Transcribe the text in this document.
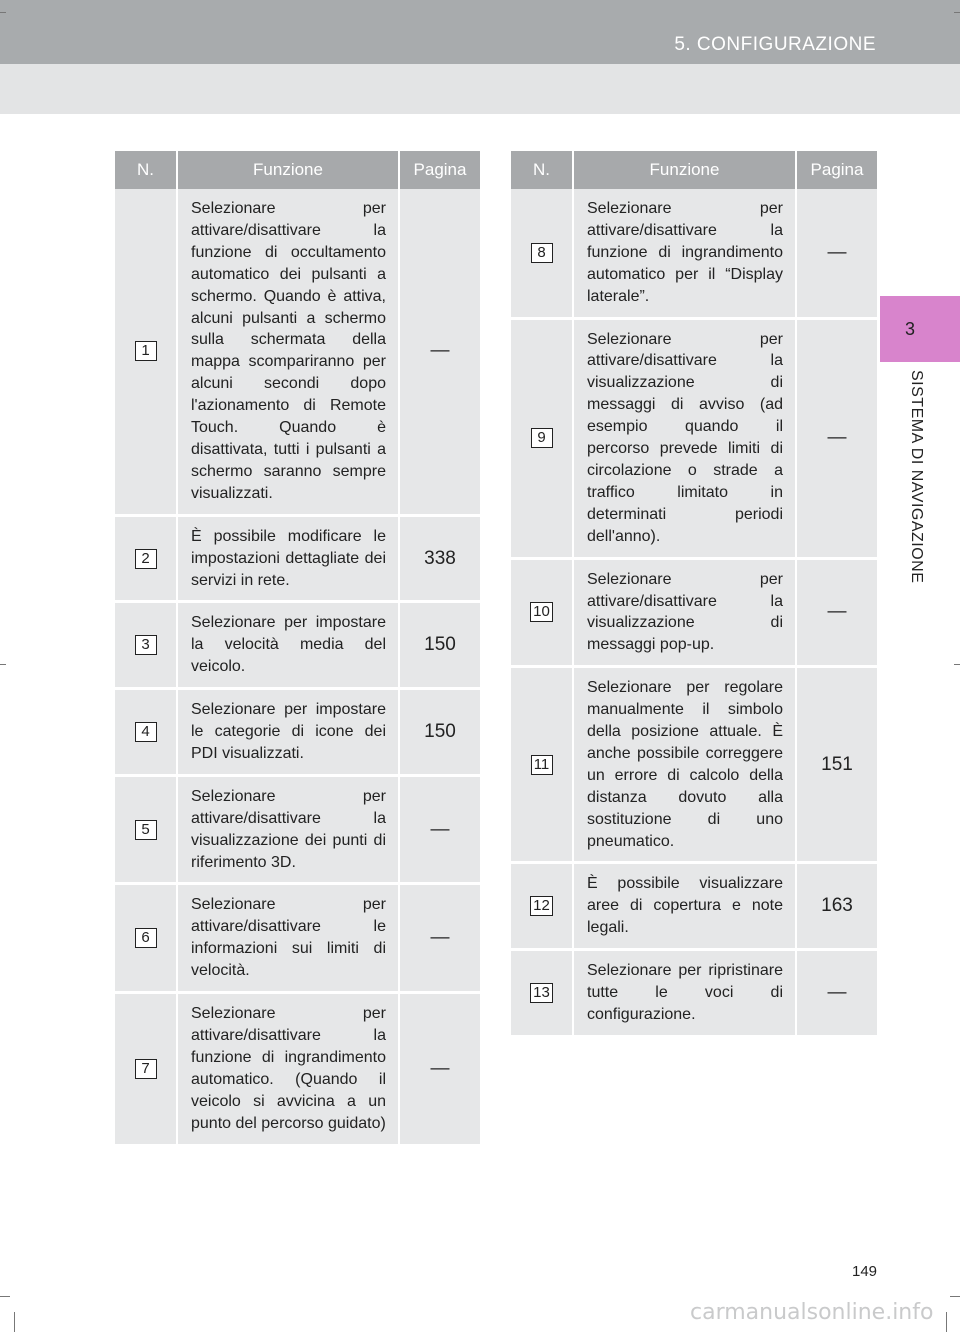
5. CONFIGURAZIONE
3
SISTEMA DI NAVIGAZIONE
N.	Funzione	Pagina
1	Selezionare per attivare/disattivare la funzione di occultamento automatico dei pulsanti a schermo. Quando è attiva, alcuni pulsanti a schermo sulla schermata della mappa scompariranno per alcuni secondi dopo l'azionamento di Remote Touch. Quando è disattivata, tutti i pulsanti a schermo saranno sempre visualizzati.	—
2	È possibile modificare le impostazioni dettagliate dei servizi in rete.	338
3	Selezionare per impostare la velocità media del veicolo.	150
4	Selezionare per impostare le categorie di icone dei PDI visualizzati.	150
5	Selezionare per attivare/disattivare la visualizzazione dei punti di riferimento 3D.	—
6	Selezionare per attivare/disattivare le informazioni sui limiti di velocità.	—
7	Selezionare per attivare/disattivare la funzione di ingrandimento automatico. (Quando il veicolo si avvicina a un punto del percorso guidato)	—
N.	Funzione	Pagina
8	Selezionare per attivare/disattivare la funzione di ingrandimento automatico per il “Display laterale”.	—
9	Selezionare per attivare/disattivare la visualizzazione di messaggi di avviso (ad esempio quando il percorso prevede limiti di circolazione o strade a traffico limitato in determinati periodi dell'anno).	—
10	Selezionare per attivare/disattivare la visualizzazione di messaggi pop-up.	—
11	Selezionare per regolare manualmente il simbolo della posizione attuale. È anche possibile correggere un errore di calcolo della distanza dovuto alla sostituzione di uno pneumatico.	151
12	È possibile visualizzare aree di copertura e note legali.	163
13	Selezionare per ripristinare tutte le voci di configurazione.	—
149
carmanualsonline.info
